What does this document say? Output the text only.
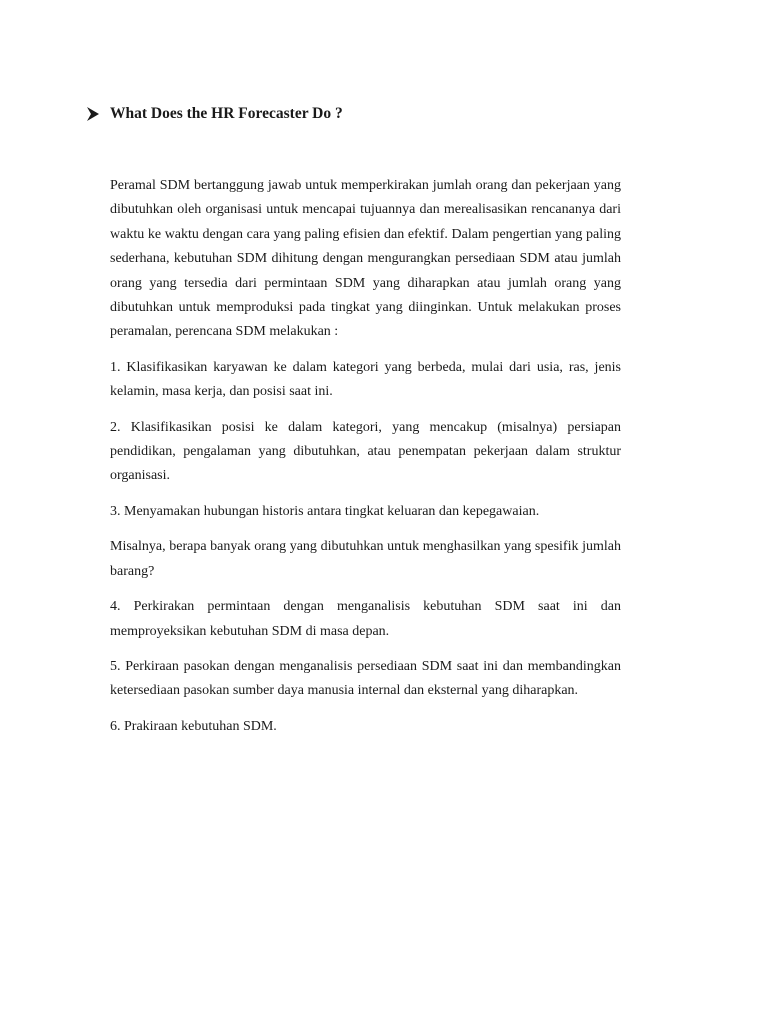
What Does the HR Forecaster Do ?

Peramal SDM bertanggung jawab untuk memperkirakan jumlah orang dan pekerjaan yang dibutuhkan oleh organisasi untuk mencapai tujuannya dan merealisasikan rencananya dari waktu ke waktu dengan cara yang paling efisien dan efektif. Dalam pengertian yang paling sederhana, kebutuhan SDM dihitung dengan mengurangkan persediaan SDM atau jumlah orang yang tersedia dari permintaan SDM yang diharapkan atau jumlah orang yang dibutuhkan untuk memproduksi pada tingkat yang diinginkan. Untuk melakukan proses peramalan, perencana SDM melakukan :

1. Klasifikasikan karyawan ke dalam kategori yang berbeda, mulai dari usia, ras, jenis kelamin, masa kerja, dan posisi saat ini.

2. Klasifikasikan posisi ke dalam kategori, yang mencakup (misalnya) persiapan pendidikan, pengalaman yang dibutuhkan, atau penempatan pekerjaan dalam struktur organisasi.

3. Menyamakan hubungan historis antara tingkat keluaran dan kepegawaian.

Misalnya, berapa banyak orang yang dibutuhkan untuk menghasilkan yang spesifik jumlah barang?

4. Perkirakan permintaan dengan menganalisis kebutuhan SDM saat ini dan memproyeksikan kebutuhan SDM di masa depan.

5. Perkiraan pasokan dengan menganalisis persediaan SDM saat ini dan membandingkan ketersediaan pasokan sumber daya manusia internal dan eksternal yang diharapkan.

6. Prakiraan kebutuhan SDM.
